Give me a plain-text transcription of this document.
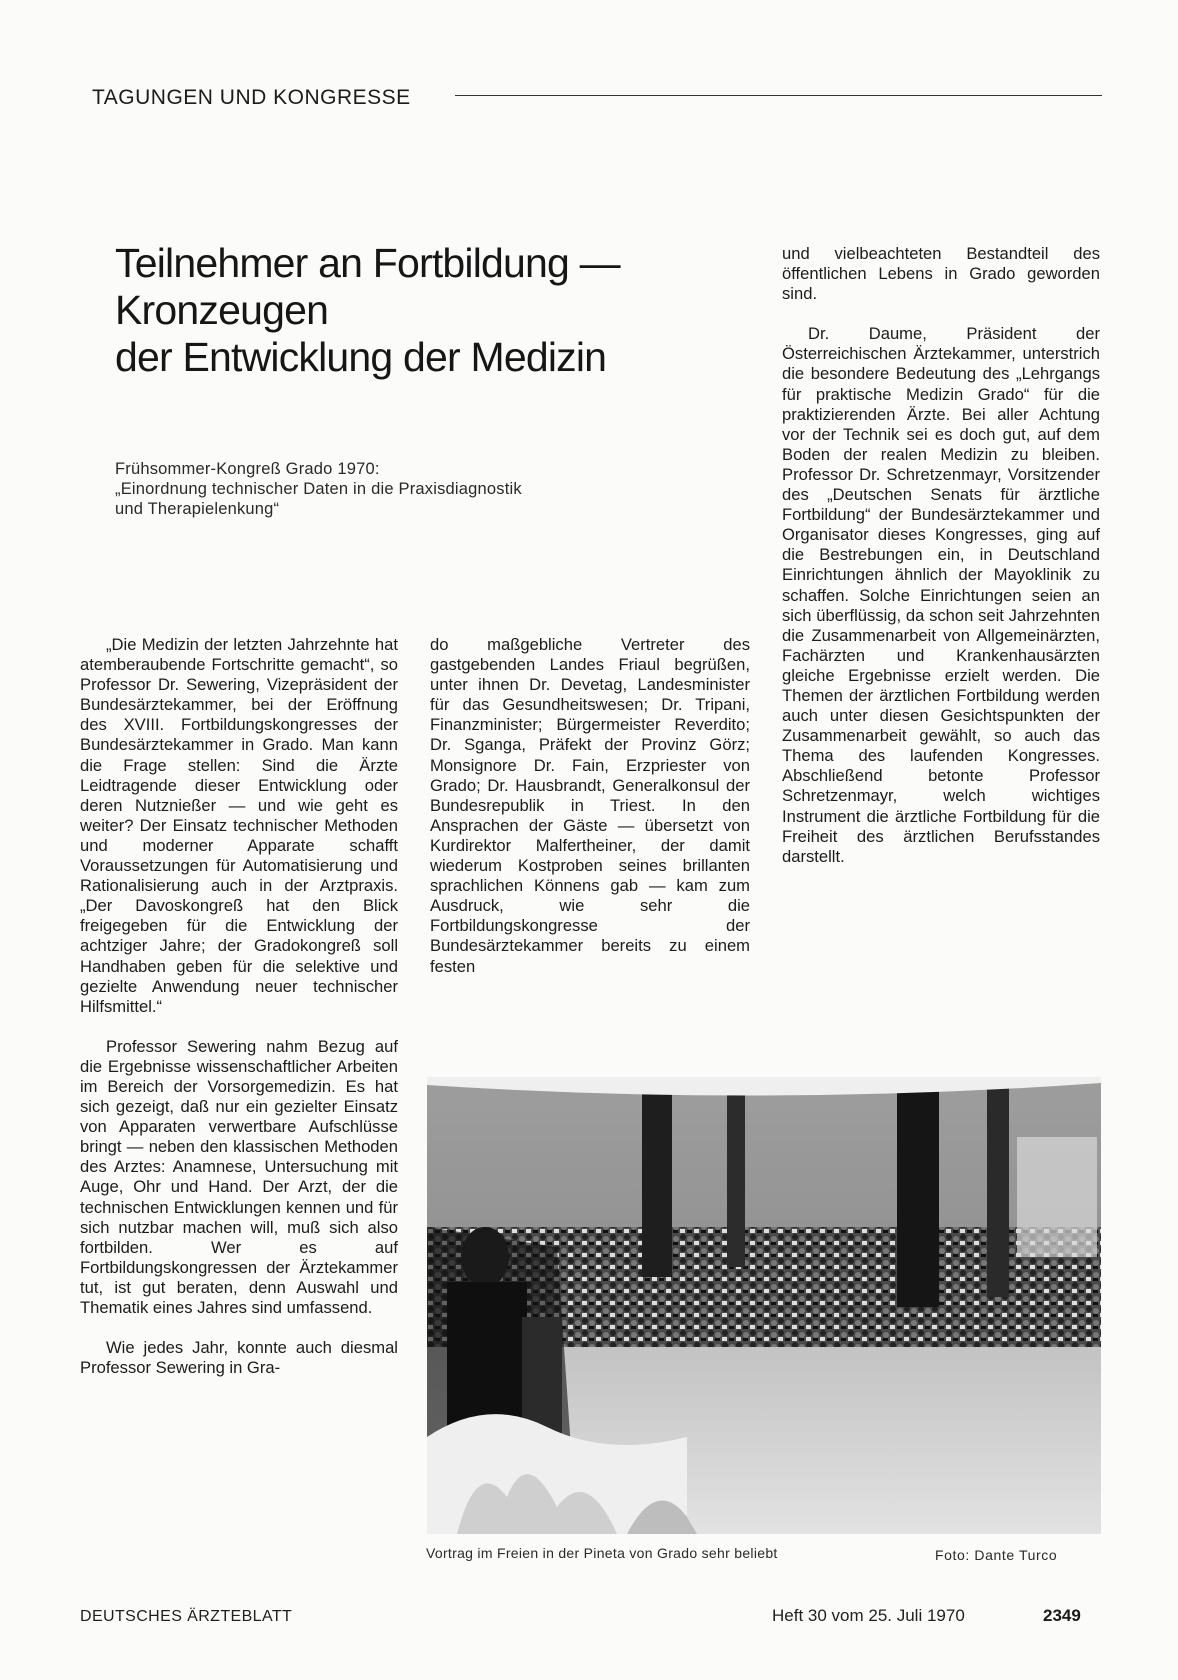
TAGUNGEN UND KONGRESSE
Teilnehmer an Fortbildung —
Kronzeugen
der Entwicklung der Medizin
Frühsommer-Kongreß Grado 1970:
„Einordnung technischer Daten in die Praxisdiagnostik
und Therapielenkung“

„Die Medizin der letzten Jahrzehnte hat atemberaubende Fortschritte gemacht“, so Professor Dr. Sewering, Vizepräsident der Bundesärztekammer, bei der Eröffnung des XVIII. Fortbildungskongresses der Bundesärztekammer in Grado. Man kann die Frage stellen: Sind die Ärzte Leidtragende dieser Entwicklung oder deren Nutznießer — und wie geht es weiter? Der Einsatz technischer Methoden und moderner Apparate schafft Voraussetzungen für Automatisierung und Rationalisierung auch in der Arztpraxis. „Der Davoskongreß hat den Blick freigegeben für die Entwicklung der achtziger Jahre; der Gradokongreß soll Handhaben geben für die selektive und gezielte Anwendung neuer technischer Hilfsmittel.“

Professor Sewering nahm Bezug auf die Ergebnisse wissenschaftlicher Arbeiten im Bereich der Vorsorgemedizin. Es hat sich gezeigt, daß nur ein gezielter Einsatz von Apparaten verwertbare Aufschlüsse bringt — neben den klassischen Methoden des Arztes: Anamnese, Untersuchung mit Auge, Ohr und Hand. Der Arzt, der die technischen Entwicklungen kennen und für sich nutzbar machen will, muß sich also fortbilden. Wer es auf Fortbildungskongressen der Ärztekammer tut, ist gut beraten, denn Auswahl und Thematik eines Jahres sind umfassend.

Wie jedes Jahr, konnte auch diesmal Professor Sewering in Gra-

do maßgebliche Vertreter des gastgebenden Landes Friaul begrüßen, unter ihnen Dr. Devetag, Landesminister für das Gesundheitswesen; Dr. Tripani, Finanzminister; Bürgermeister Reverdito; Dr. Sganga, Präfekt der Provinz Görz; Monsignore Dr. Fain, Erzpriester von Grado; Dr. Hausbrandt, Generalkonsul der Bundesrepublik in Triest. In den Ansprachen der Gäste — übersetzt von Kurdirektor Malfertheiner, der damit wiederum Kostproben seines brillanten sprachlichen Könnens gab — kam zum Ausdruck, wie sehr die Fortbildungskongresse der Bundesärztekammer bereits zu einem festen

und vielbeachteten Bestandteil des öffentlichen Lebens in Grado geworden sind.

Dr. Daume, Präsident der Österreichischen Ärztekammer, unterstrich die besondere Bedeutung des „Lehrgangs für praktische Medizin Grado“ für die praktizierenden Ärzte. Bei aller Achtung vor der Technik sei es doch gut, auf dem Boden der realen Medizin zu bleiben. Professor Dr. Schretzenmayr, Vorsitzender des „Deutschen Senats für ärztliche Fortbildung“ der Bundesärztekammer und Organisator dieses Kongresses, ging auf die Bestrebungen ein, in Deutschland Einrichtungen ähnlich der Mayoklinik zu schaffen. Solche Einrichtungen seien an sich überflüssig, da schon seit Jahrzehnten die Zusammenarbeit von Allgemeinärzten, Fachärzten und Krankenhausärzten gleiche Ergebnisse erzielt werden. Die Themen der ärztlichen Fortbildung werden auch unter diesen Gesichtspunkten der Zusammenarbeit gewählt, so auch das Thema des laufenden Kongresses. Abschließend betonte Professor Schretzenmayr, welch wichtiges Instrument die ärztliche Fortbildung für die Freiheit des ärztlichen Berufsstandes darstellt.

Vortrag im Freien in der Pineta von Grado sehr beliebt	Foto: Dante Turco
DEUTSCHES ÄRZTEBLATT	Heft 30 vom 25. Juli 1970	2349
